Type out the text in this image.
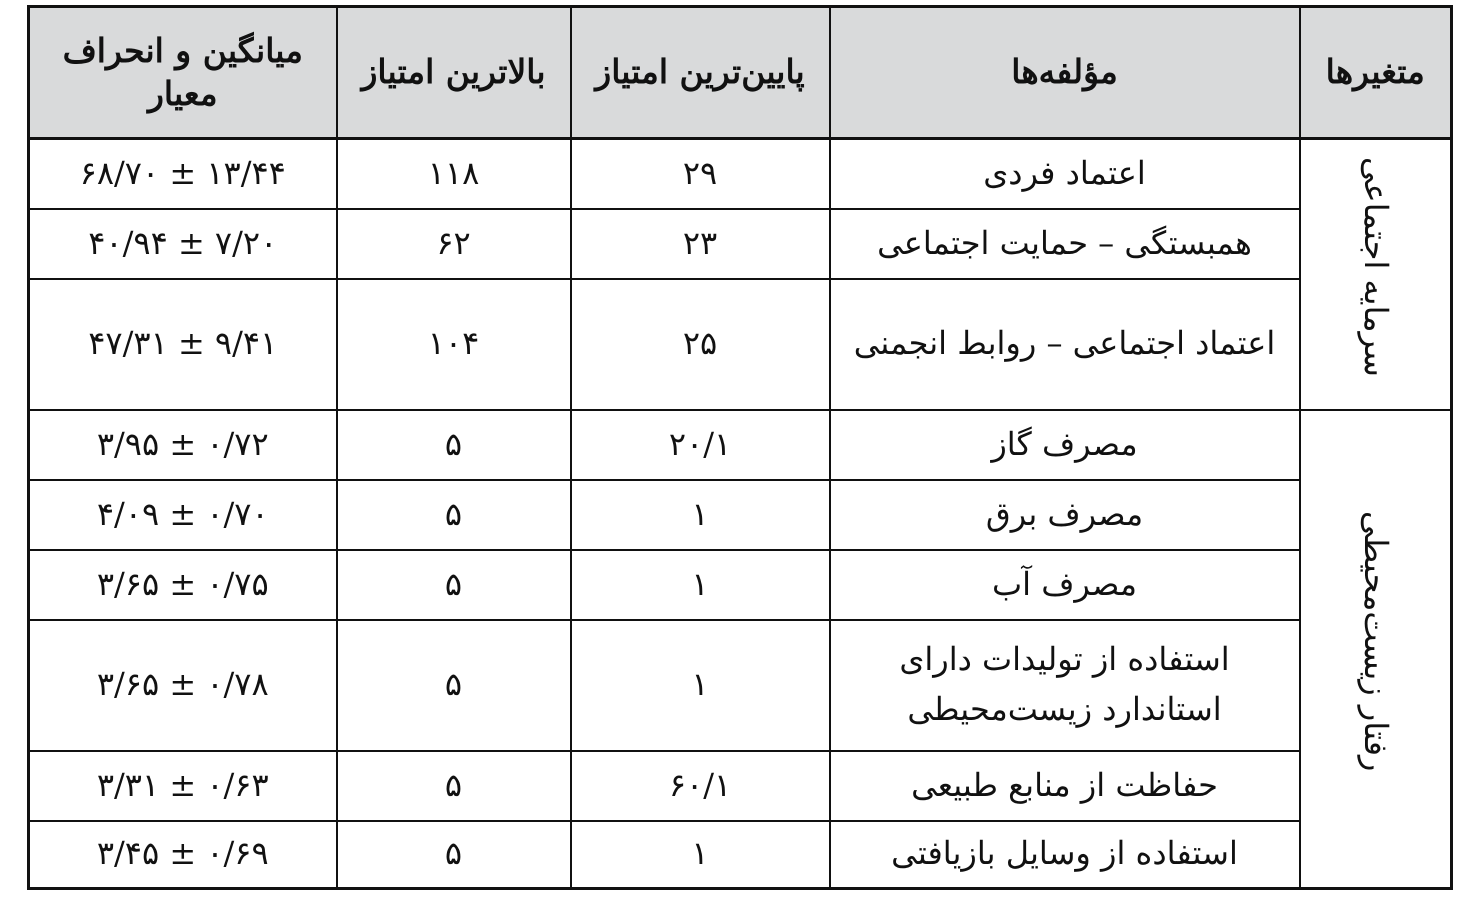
میانگین و انحراف معیار	بالاترین امتیاز	پایین‌ترین امتیاز	مؤلفه‌ها	متغیرها
۶۸/۷۰ ± ۱۳/۴۴	۱۱۸	۲۹	اعتماد فردی	سرمایه اجتماعی
۴۰/۹۴ ± ۷/۲۰	۶۲	۲۳	همبستگی – حمایت اجتماعی	
۴۷/۳۱ ± ۹/۴۱	۱۰۴	۲۵	اعتماد اجتماعی – روابط انجمنی	
۳/۹۵ ± ۰/۷۲	۵	۲۰/۱	مصرف گاز	رفتار زیست‌محیطی
۴/۰۹ ± ۰/۷۰	۵	۱	مصرف برق	
۳/۶۵ ± ۰/۷۵	۵	۱	مصرف آب	
۳/۶۵ ± ۰/۷۸	۵	۱	استفاده از تولیدات دارای استاندارد زیست‌محیطی	
۳/۳۱ ± ۰/۶۳	۵	۶۰/۱	حفاظت از منابع طبیعی	
۳/۴۵ ± ۰/۶۹	۵	۱	استفاده از وسایل بازیافتی	
